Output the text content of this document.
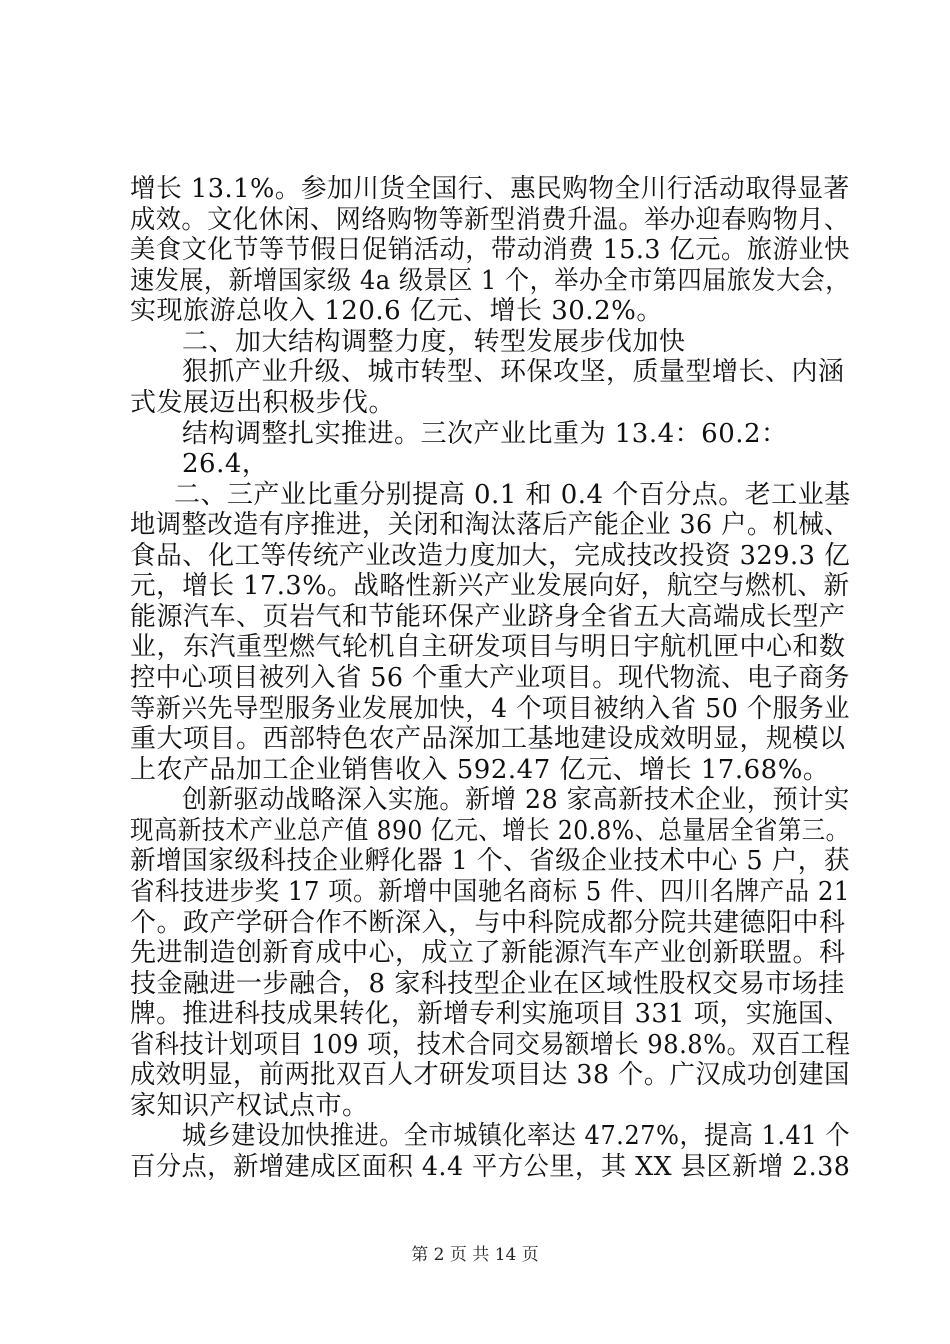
增长 13.1%。参加川货全国行、惠民购物全川行活动取得显著
成效。文化休闲、网络购物等新型消费升温。举办迎春购物月、
美食文化节等节假日促销活动，带动消费 15.3 亿元。旅游业快
速发展，新增国家级 4a 级景区 1 个，举办全市第四届旅发大会，
实现旅游总收入 120.6 亿元、增长 30.2%。
二、加大结构调整力度，转型发展步伐加快
狠抓产业升级、城市转型、环保攻坚，质量型增长、内涵
式发展迈出积极步伐。
结构调整扎实推进。三次产业比重为 13.4：60.2：
26.4，
二、三产业比重分别提高 0.1 和 0.4 个百分点。老工业基
地调整改造有序推进，关闭和淘汰落后产能企业 36 户。机械、
食品、化工等传统产业改造力度加大，完成技改投资 329.3 亿
元，增长 17.3%。战略性新兴产业发展向好，航空与燃机、新
能源汽车、页岩气和节能环保产业跻身全省五大高端成长型产
业，东汽重型燃气轮机自主研发项目与明日宇航机匣中心和数
控中心项目被列入省 56 个重大产业项目。现代物流、电子商务
等新兴先导型服务业发展加快，4 个项目被纳入省 50 个服务业
重大项目。西部特色农产品深加工基地建设成效明显，规模以
上农产品加工企业销售收入 592.47 亿元、增长 17.68%。
创新驱动战略深入实施。新增 28 家高新技术企业，预计实
现高新技术产业总产值 890 亿元、增长 20.8%、总量居全省第三。
新增国家级科技企业孵化器 1 个、省级企业技术中心 5 户，获
省科技进步奖 17 项。新增中国驰名商标 5 件、四川名牌产品 21
个。政产学研合作不断深入，与中科院成都分院共建德阳中科
先进制造创新育成中心，成立了新能源汽车产业创新联盟。科
技金融进一步融合，8 家科技型企业在区域性股权交易市场挂
牌。推进科技成果转化，新增专利实施项目 331 项，实施国、
省科技计划项目 109 项，技术合同交易额增长 98.8%。双百工程
成效明显，前两批双百人才研发项目达 38 个。广汉成功创建国
家知识产权试点市。
城乡建设加快推进。全市城镇化率达 47.27%，提高 1.41 个
百分点，新增建成区面积 4.4 平方公里，其 XX 县区新增 2.38
第 2 页 共 14 页
